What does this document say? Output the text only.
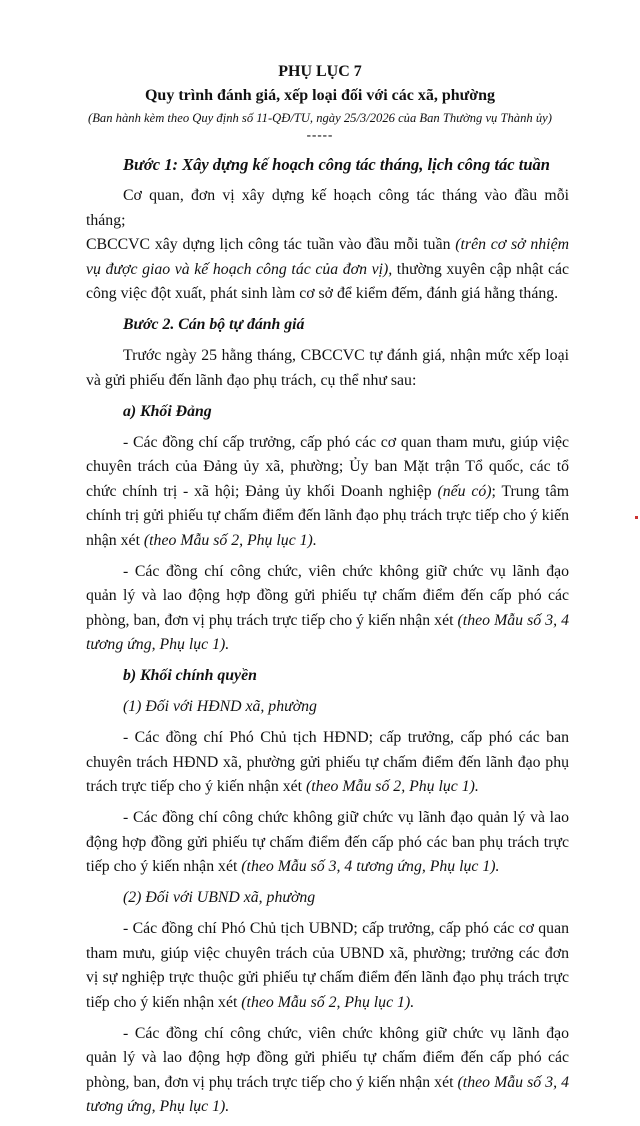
PHỤ LỤC 7
Quy trình đánh giá, xếp loại đối với các xã, phường
(Ban hành kèm theo Quy định số 11-QĐ/TU, ngày 25/3/2026 của Ban Thường vụ Thành ủy)
-----

Bước 1: Xây dựng kế hoạch công tác tháng, lịch công tác tuần

Cơ quan, đơn vị xây dựng kế hoạch công tác tháng vào đầu mỗi tháng;

CBCCVC xây dựng lịch công tác tuần vào đầu mỗi tuần (trên cơ sở nhiệm vụ được giao và kế hoạch công tác của đơn vị), thường xuyên cập nhật các công việc đột xuất, phát sinh làm cơ sở để kiểm đếm, đánh giá hằng tháng.

Bước 2. Cán bộ tự đánh giá

Trước ngày 25 hằng tháng, CBCCVC tự đánh giá, nhận mức xếp loại và gửi phiếu đến lãnh đạo phụ trách, cụ thể như sau:

a) Khối Đảng

- Các đồng chí cấp trưởng, cấp phó các cơ quan tham mưu, giúp việc chuyên trách của Đảng ủy xã, phường; Ủy ban Mặt trận Tổ quốc, các tổ chức chính trị - xã hội; Đảng ủy khối Doanh nghiệp (nếu có); Trung tâm chính trị gửi phiếu tự chấm điểm đến lãnh đạo phụ trách trực tiếp cho ý kiến nhận xét (theo Mẫu số 2, Phụ lục 1).

- Các đồng chí công chức, viên chức không giữ chức vụ lãnh đạo quản lý và lao động hợp đồng gửi phiếu tự chấm điểm đến cấp phó các phòng, ban, đơn vị phụ trách trực tiếp cho ý kiến nhận xét (theo Mẫu số 3, 4 tương ứng, Phụ lục 1).

b) Khối chính quyền

(1) Đối với HĐND xã, phường

- Các đồng chí Phó Chủ tịch HĐND; cấp trưởng, cấp phó các ban chuyên trách HĐND xã, phường gửi phiếu tự chấm điểm đến lãnh đạo phụ trách trực tiếp cho ý kiến nhận xét (theo Mẫu số 2, Phụ lục 1).

- Các đồng chí công chức không giữ chức vụ lãnh đạo quản lý và lao động hợp đồng gửi phiếu tự chấm điểm đến cấp phó các ban phụ trách trực tiếp cho ý kiến nhận xét (theo Mẫu số 3, 4 tương ứng, Phụ lục 1).

(2) Đối với UBND xã, phường

- Các đồng chí Phó Chủ tịch UBND; cấp trưởng, cấp phó các cơ quan tham mưu, giúp việc chuyên trách của UBND xã, phường; trưởng các đơn vị sự nghiệp trực thuộc gửi phiếu tự chấm điểm đến lãnh đạo phụ trách trực tiếp cho ý kiến nhận xét (theo Mẫu số 2, Phụ lục 1).

- Các đồng chí công chức, viên chức không giữ chức vụ lãnh đạo quản lý và lao động hợp đồng gửi phiếu tự chấm điểm đến cấp phó các phòng, ban, đơn vị phụ trách trực tiếp cho ý kiến nhận xét (theo Mẫu số 3, 4 tương ứng, Phụ lục 1).
